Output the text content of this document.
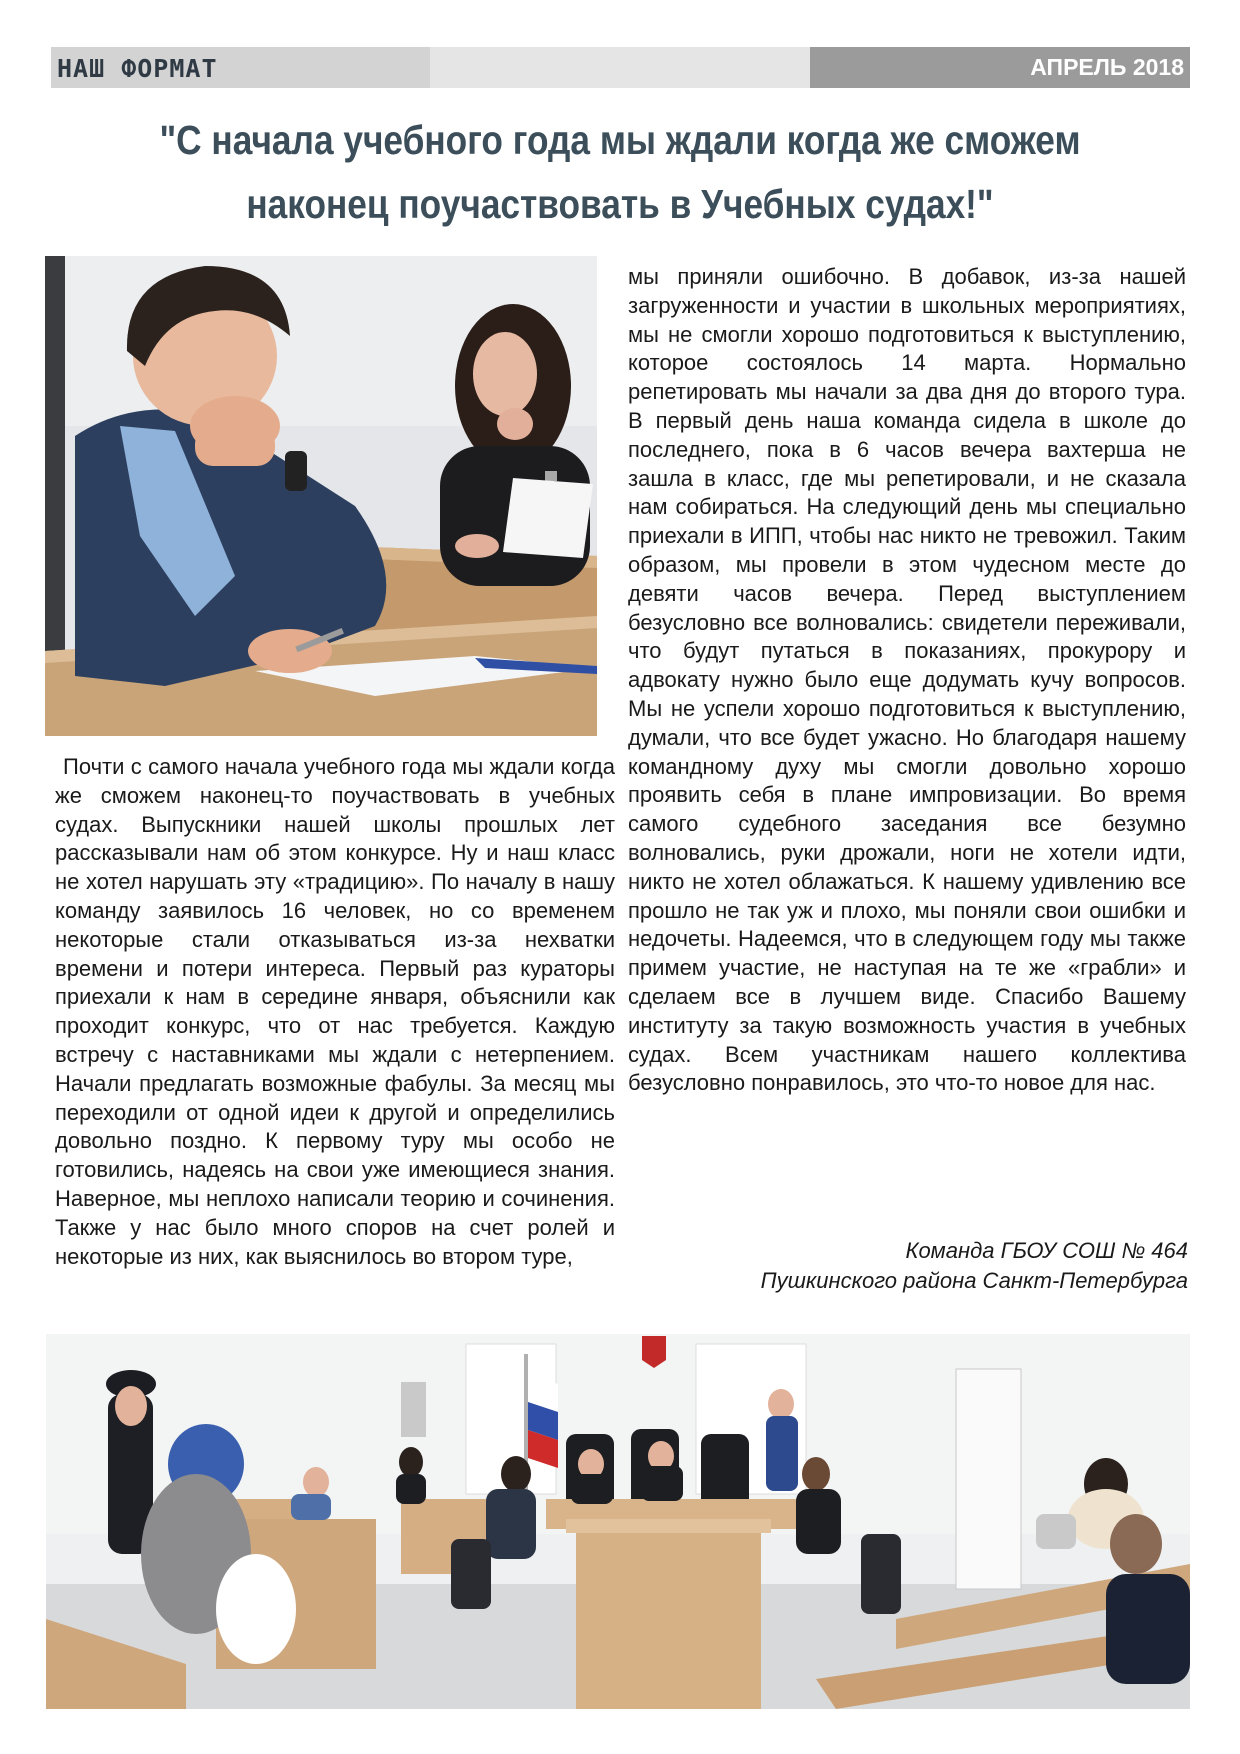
НАШ ФОРМАТ	АПРЕЛЬ 2018
"С начала учебного года мы ждали когда же сможем наконец поучаствовать в Учебных судах!"

Почти с самого начала учебного года мы ждали когда же сможем наконец-то поучаствовать в учебных судах. Выпускники нашей школы прошлых лет рассказывали нам об этом конкурсе. Ну и наш класс не хотел нарушать эту «традицию». По началу в нашу команду заявилось 16 человек, но со временем некоторые стали отказываться из-за нехватки времени и потери интереса. Первый раз кураторы приехали к нам в середине января, объяснили как проходит конкурс, что от нас требуется. Каждую встречу с наставниками мы ждали с нетерпением. Начали предлагать возможные фабулы. За месяц мы переходили от одной идеи к другой и определились довольно поздно. К первому туру мы особо не готовились, надеясь на свои уже имеющиеся знания. Наверное, мы неплохо написали теорию и сочинения. Также у нас было много споров на счет ролей и некоторые из них, как выяснилось во втором туре,

мы приняли ошибочно. В добавок, из-за нашей загруженности и участии в школьных мероприятиях, мы не смогли хорошо подготовиться к выступлению, которое состоялось 14 марта. Нормально репетировать мы начали за два дня до второго тура. В первый день наша команда сидела в школе до последнего, пока в 6 часов вечера вахтерша не зашла в класс, где мы репетировали, и не сказала нам собираться. На следующий день мы специально приехали в ИПП, чтобы нас никто не тревожил. Таким образом, мы провели в этом чудесном месте до девяти часов вечера. Перед выступлением безусловно все волновались: свидетели переживали, что будут путаться в показаниях, прокурору и адвокату нужно было еще додумать кучу вопросов. Мы не успели хорошо подготовиться к выступлению, думали, что все будет ужасно. Но благодаря нашему командному духу мы смогли довольно хорошо проявить себя в плане импровизации. Во время самого судебного заседания все безумно волновались, руки дрожали, ноги не хотели идти, никто не хотел облажаться. К нашему удивлению все прошло не так уж и плохо, мы поняли свои ошибки и недочеты. Надеемся, что в следующем году мы также примем участие, не наступая на те же «грабли» и сделаем все в лучшем виде. Спасибо Вашему институту за такую возможность участия в учебных судах. Всем участникам нашего коллектива безусловно понравилось, это что-то новое для нас.

Команда ГБОУ СОШ № 464
Пушкинского района Санкт-Петербурга
